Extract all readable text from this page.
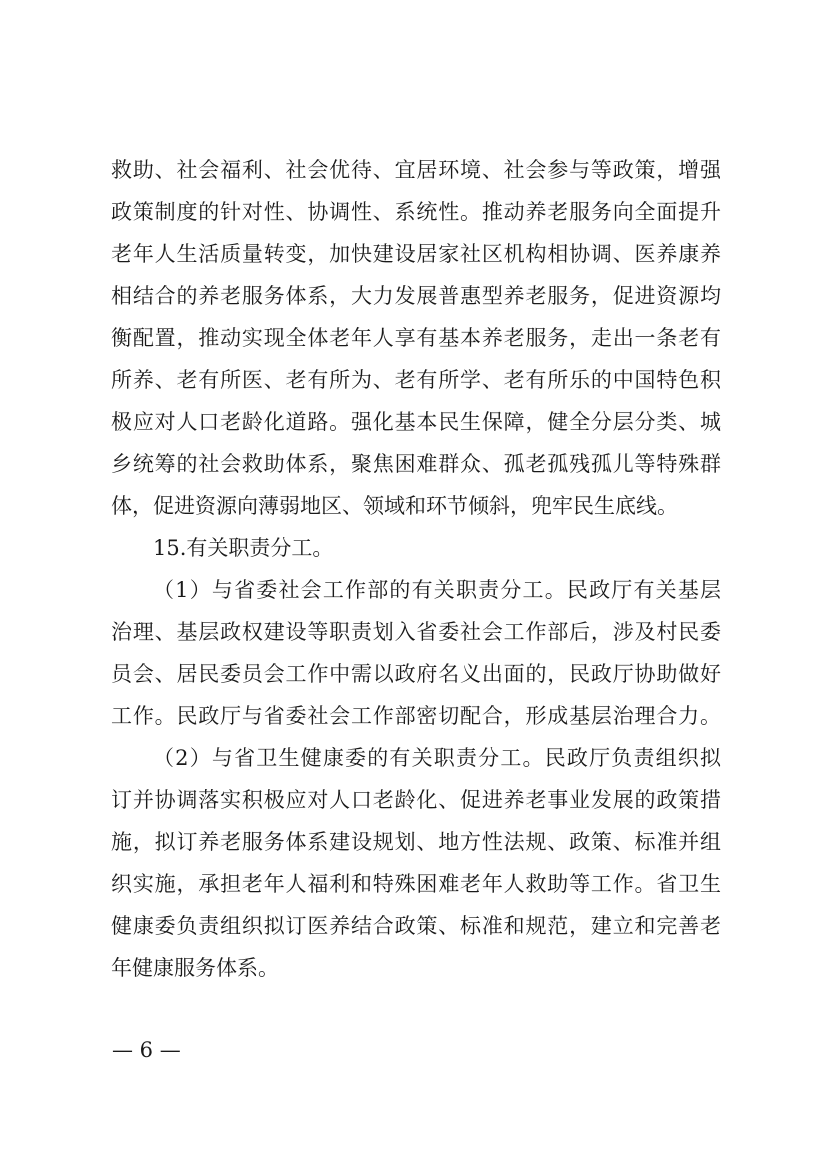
救助、社会福利、社会优待、宜居环境、社会参与等政策，增强
政策制度的针对性、协调性、系统性。推动养老服务向全面提升
老年人生活质量转变，加快建设居家社区机构相协调、医养康养
相结合的养老服务体系，大力发展普惠型养老服务，促进资源均
衡配置，推动实现全体老年人享有基本养老服务，走出一条老有
所养、老有所医、老有所为、老有所学、老有所乐的中国特色积
极应对人口老龄化道路。强化基本民生保障，健全分层分类、城
乡统筹的社会救助体系，聚焦困难群众、孤老孤残孤儿等特殊群
体，促进资源向薄弱地区、领域和环节倾斜，兜牢民生底线。
15.有关职责分工。
（1）与省委社会工作部的有关职责分工。民政厅有关基层
治理、基层政权建设等职责划入省委社会工作部后，涉及村民委
员会、居民委员会工作中需以政府名义出面的，民政厅协助做好
工作。民政厅与省委社会工作部密切配合，形成基层治理合力。
（2）与省卫生健康委的有关职责分工。民政厅负责组织拟
订并协调落实积极应对人口老龄化、促进养老事业发展的政策措
施，拟订养老服务体系建设规划、地方性法规、政策、标准并组
织实施，承担老年人福利和特殊困难老年人救助等工作。省卫生
健康委负责组织拟订医养结合政策、标准和规范，建立和完善老
年健康服务体系。
— 6 —
